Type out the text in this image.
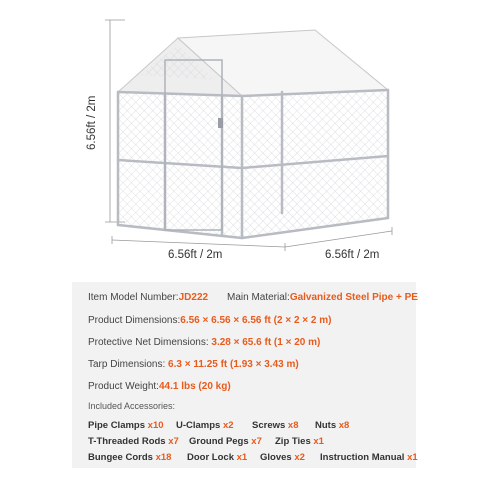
6.56ft / 2m
6.56ft / 2m	6.56ft / 2m
Item Model Number:JD222 Main Material:Galvanized Steel Pipe + PE
Product Dimensions:6.56 × 6.56 × 6.56 ft (2 × 2 × 2 m)
Protective Net Dimensions: 3.28 × 65.6 ft (1 × 20 m)
Tarp Dimensions: 6.3 × 11.25 ft (1.93 × 3.43 m)
Product Weight:44.1 lbs (20 kg)
Included Accessories:
Pipe Clamps x10 U-Clamps x2 Screws x8 Nuts x8
T-Threaded Rods x7 Ground Pegs x7 Zip Ties x1
Bungee Cords x18 Door Lock x1 Gloves x2 Instruction Manual x1
